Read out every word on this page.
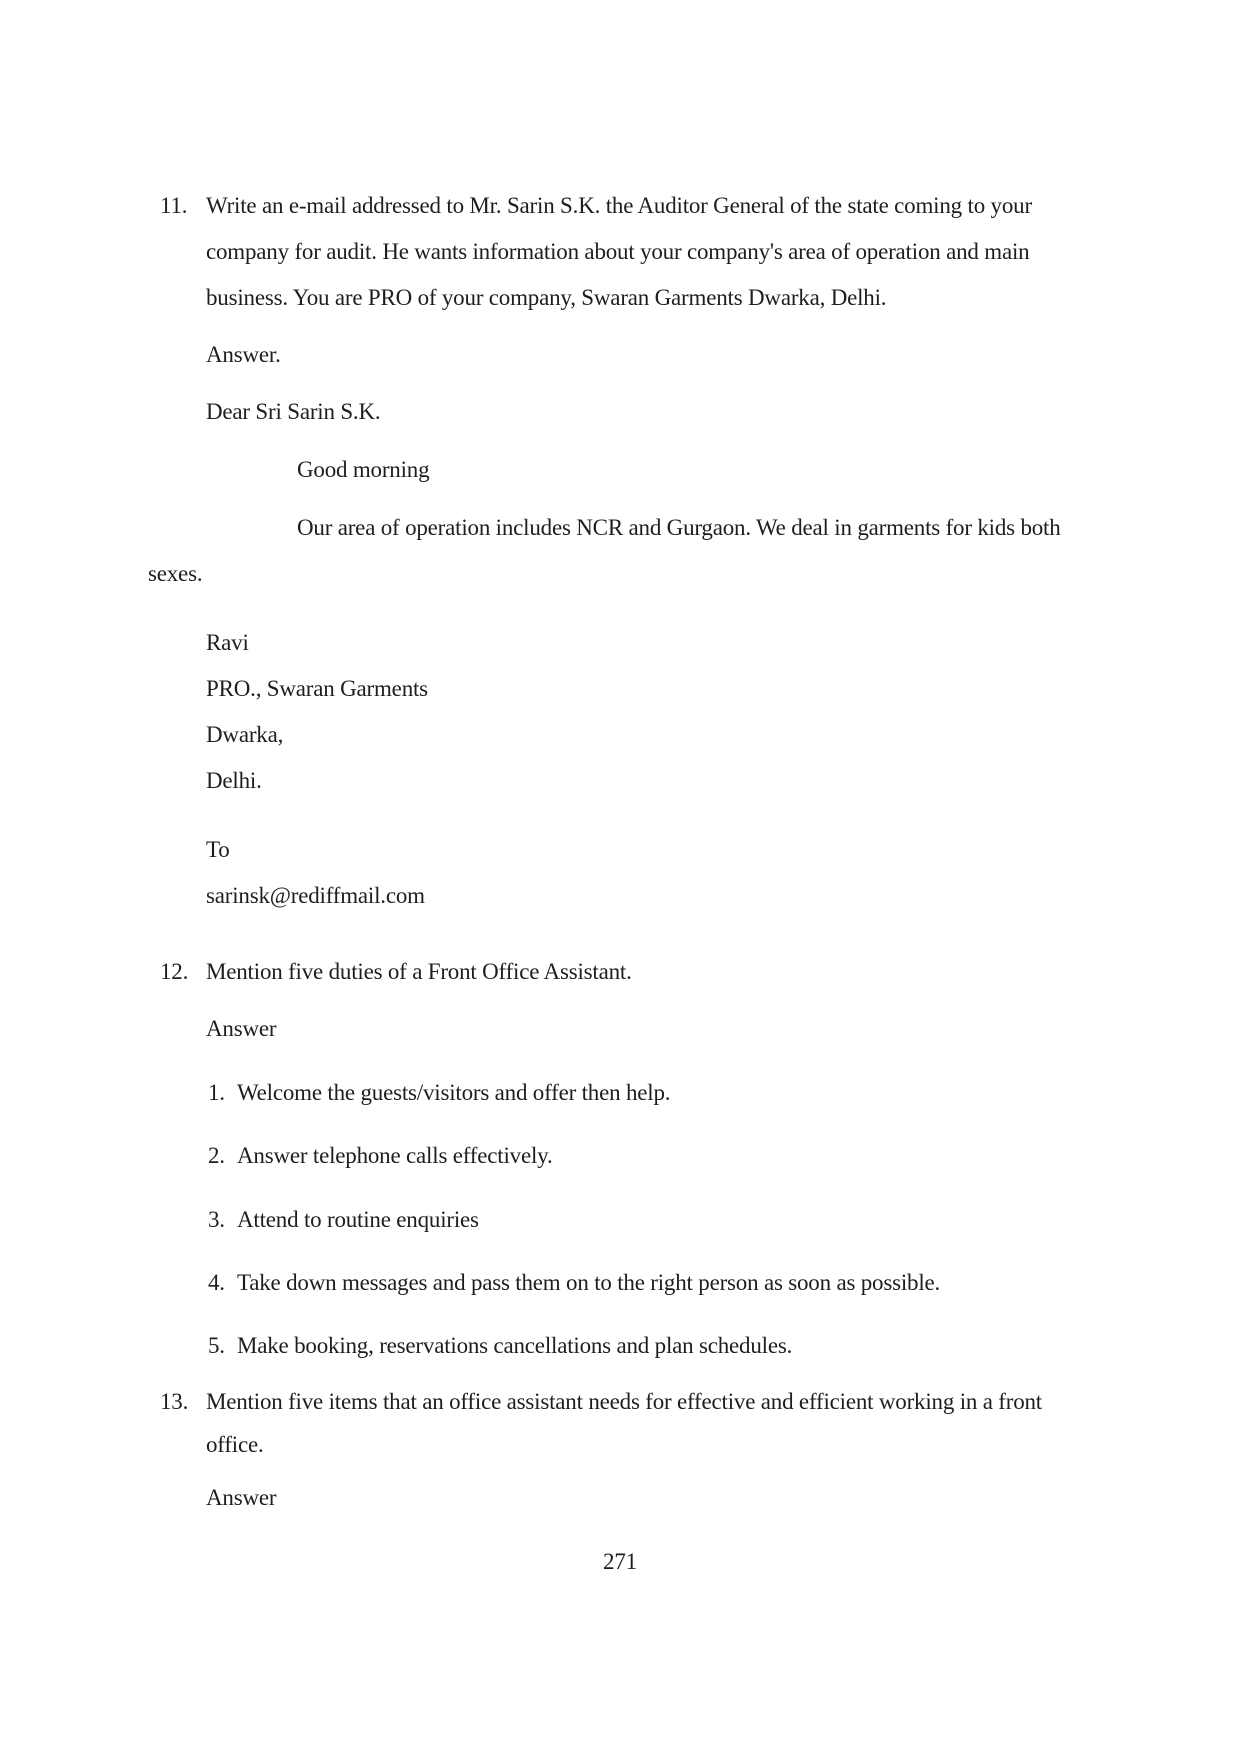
11. Write an e-mail addressed to Mr. Sarin S.K. the Auditor General of the state coming to your
company for audit. He wants information about your company's area of operation and main
business. You are PRO of your company, Swaran Garments Dwarka, Delhi.
Answer.
Dear Sri Sarin S.K.
Good morning
Our area of operation includes NCR and Gurgaon. We deal in garments for kids both
sexes.
Ravi
PRO., Swaran Garments
Dwarka,
Delhi.
To
sarinsk@rediffmail.com
12. Mention five duties of a Front Office Assistant.
Answer
1. Welcome the guests/visitors and offer then help.
2. Answer telephone calls effectively.
3. Attend to routine enquiries
4. Take down messages and pass them on to the right person as soon as possible.
5. Make booking, reservations cancellations and plan schedules.
13. Mention five items that an office assistant needs for effective and efficient working in a front
office.
Answer
271
